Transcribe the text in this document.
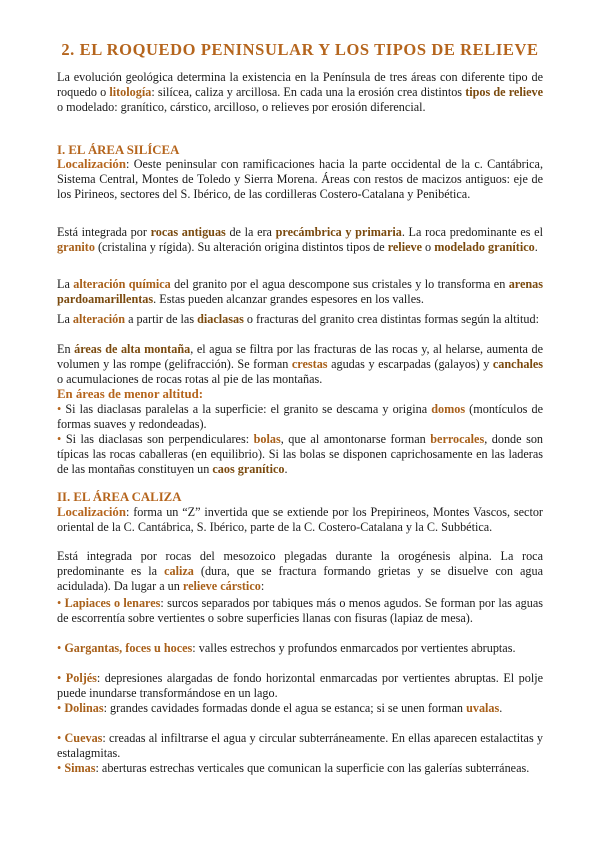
2. EL ROQUEDO PENINSULAR Y LOS TIPOS DE RELIEVE

La evolución geológica determina la existencia en la Península de tres áreas con diferente tipo de roquedo o litología: silícea, caliza y arcillosa. En cada una la erosión crea distintos tipos de relieve o modelado: granítico, cárstico, arcilloso, o relieves por erosión diferencial.

I. EL ÁREA SILÍCEA

Localización: Oeste peninsular con ramificaciones hacia la parte occidental de la c. Cantábrica, Sistema Central, Montes de Toledo y Sierra Morena. Áreas con restos de macizos antiguos: eje de los Pirineos, sectores del S. Ibérico, de las cordilleras Costero-Catalana y Penibética.

Está integrada por rocas antiguas de la era precámbrica y primaria. La roca predominante es el granito (cristalina y rígida). Su alteración origina distintos tipos de relieve o modelado granítico.

La alteración química del granito por el agua descompone sus cristales y lo transforma en arenas pardoamarillentas. Estas pueden alcanzar grandes espesores en los valles.

La alteración a partir de las diaclasas o fracturas del granito crea distintas formas según la altitud:

En áreas de alta montaña, el agua se filtra por las fracturas de las rocas y, al helarse, aumenta de volumen y las rompe (gelifracción). Se forman crestas agudas y escarpadas (galayos) y canchales o acumulaciones de rocas rotas al pie de las montañas.

En áreas de menor altitud:

• Si las diaclasas paralelas a la superficie: el granito se descama y origina domos (montículos de formas suaves y redondeadas).

• Si las diaclasas son perpendiculares: bolas, que al amontonarse forman berrocales, donde son típicas las rocas caballeras (en equilibrio). Si las bolas se disponen caprichosamente en las laderas de las montañas constituyen un caos granítico.

II. EL ÁREA CALIZA

Localización: forma un “Z” invertida que se extiende por los Prepirineos, Montes Vascos, sector oriental de la C. Cantábrica, S. Ibérico, parte de la C. Costero-Catalana y la C. Subbética.

Está integrada por rocas del mesozoico plegadas durante la orogénesis alpina. La roca predominante es la caliza (dura, que se fractura formando grietas y se disuelve con agua acidulada). Da lugar a un relieve cárstico:

• Lapiaces o lenares: surcos separados por tabiques más o menos agudos. Se forman por las aguas de escorrentía sobre vertientes o sobre superficies llanas con fisuras (lapiaz de mesa).

• Gargantas, foces u hoces: valles estrechos y profundos enmarcados por vertientes abruptas.

• Poljés: depresiones alargadas de fondo horizontal enmarcadas por vertientes abruptas. El polje puede inundarse transformándose en un lago.

• Dolinas: grandes cavidades formadas donde el agua se estanca; si se unen forman uvalas.

• Cuevas: creadas al infiltrarse el agua y circular subterráneamente. En ellas aparecen estalactitas y estalagmitas.

• Simas: aberturas estrechas verticales que comunican la superficie con las galerías subterráneas.
